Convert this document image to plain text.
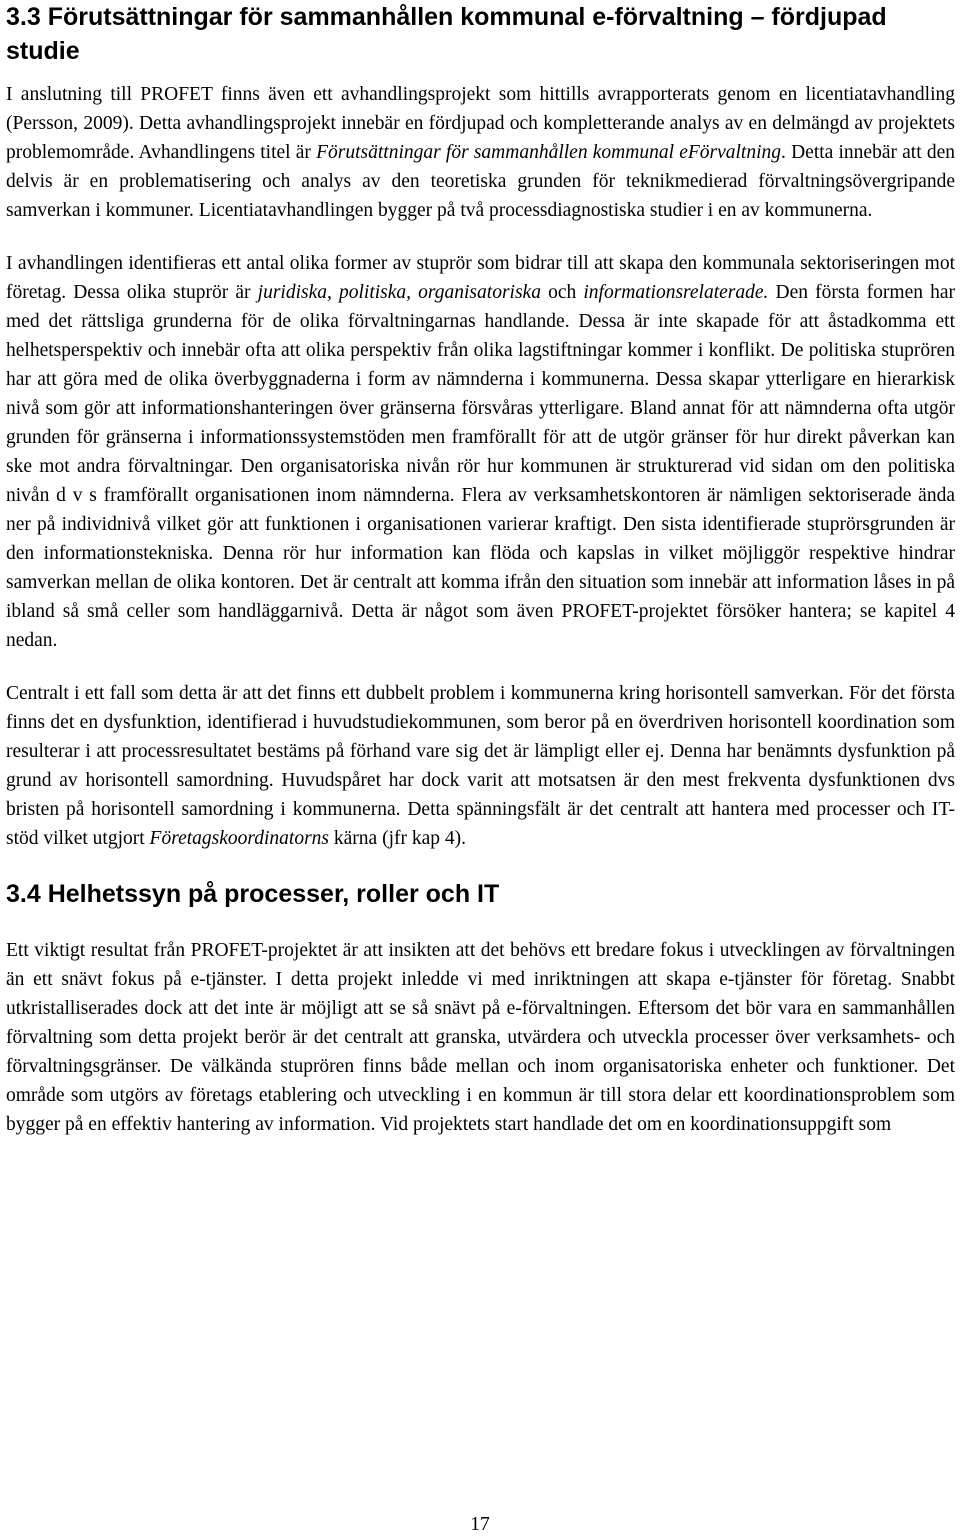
3.3 Förutsättningar för sammanhållen kommunal e-förvaltning – fördjupad studie

I anslutning till PROFET finns även ett avhandlingsprojekt som hittills avrapporterats genom en licentiatavhandling (Persson, 2009). Detta avhandlingsprojekt innebär en fördjupad och kompletterande analys av en delmängd av projektets problemområde. Avhandlingens titel är Förutsättningar för sammanhållen kommunal eFörvaltning. Detta innebär att den delvis är en problematisering och analys av den teoretiska grunden för teknikmedierad förvaltningsövergripande samverkan i kommuner. Licentiatavhandlingen bygger på två processdiagnostiska studier i en av kommunerna.

I avhandlingen identifieras ett antal olika former av stuprör som bidrar till att skapa den kommunala sektoriseringen mot företag. Dessa olika stuprör är juridiska, politiska, organisatoriska och informationsrelaterade. Den första formen har med det rättsliga grunderna för de olika förvaltningarnas handlande. Dessa är inte skapade för att åstadkomma ett helhetsperspektiv och innebär ofta att olika perspektiv från olika lagstiftningar kommer i konflikt. De politiska stuprören har att göra med de olika överbyggnaderna i form av nämnderna i kommunerna. Dessa skapar ytterligare en hierarkisk nivå som gör att informationshanteringen över gränserna försvåras ytterligare. Bland annat för att nämnderna ofta utgör grunden för gränserna i informationssystemstöden men framförallt för att de utgör gränser för hur direkt påverkan kan ske mot andra förvaltningar. Den organisatoriska nivån rör hur kommunen är strukturerad vid sidan om den politiska nivån d v s framförallt organisationen inom nämnderna. Flera av verksamhetskontoren är nämligen sektoriserade ända ner på individnivå vilket gör att funktionen i organisationen varierar kraftigt. Den sista identifierade stuprörsgrunden är den informationstekniska. Denna rör hur information kan flöda och kapslas in vilket möjliggör respektive hindrar samverkan mellan de olika kontoren. Det är centralt att komma ifrån den situation som innebär att information låses in på ibland så små celler som handläggarnivå. Detta är något som även PROFET-projektet försöker hantera; se kapitel 4 nedan.

Centralt i ett fall som detta är att det finns ett dubbelt problem i kommunerna kring horisontell samverkan. För det första finns det en dysfunktion, identifierad i huvudstudiekommunen, som beror på en överdriven horisontell koordination som resulterar i att processresultatet bestäms på förhand vare sig det är lämpligt eller ej. Denna har benämnts dysfunktion på grund av horisontell samordning. Huvudspåret har dock varit att motsatsen är den mest frekventa dysfunktionen dvs bristen på horisontell samordning i kommunerna. Detta spänningsfält är det centralt att hantera med processer och IT-stöd vilket utgjort Företagskoordinatorns kärna (jfr kap 4).

3.4 Helhetssyn på processer, roller och IT

Ett viktigt resultat från PROFET-projektet är att insikten att det behövs ett bredare fokus i utvecklingen av förvaltningen än ett snävt fokus på e-tjänster. I detta projekt inledde vi med inriktningen att skapa e-tjänster för företag. Snabbt utkristalliserades dock att det inte är möjligt att se så snävt på e-förvaltningen. Eftersom det bör vara en sammanhållen förvaltning som detta projekt berör är det centralt att granska, utvärdera och utveckla processer över verksamhets- och förvaltningsgränser. De välkända stuprören finns både mellan och inom organisatoriska enheter och funktioner. Det område som utgörs av företags etablering och utveckling i en kommun är till stora delar ett koordinationsproblem som bygger på en effektiv hantering av information. Vid projektets start handlade det om en koordinationsuppgift som

17
